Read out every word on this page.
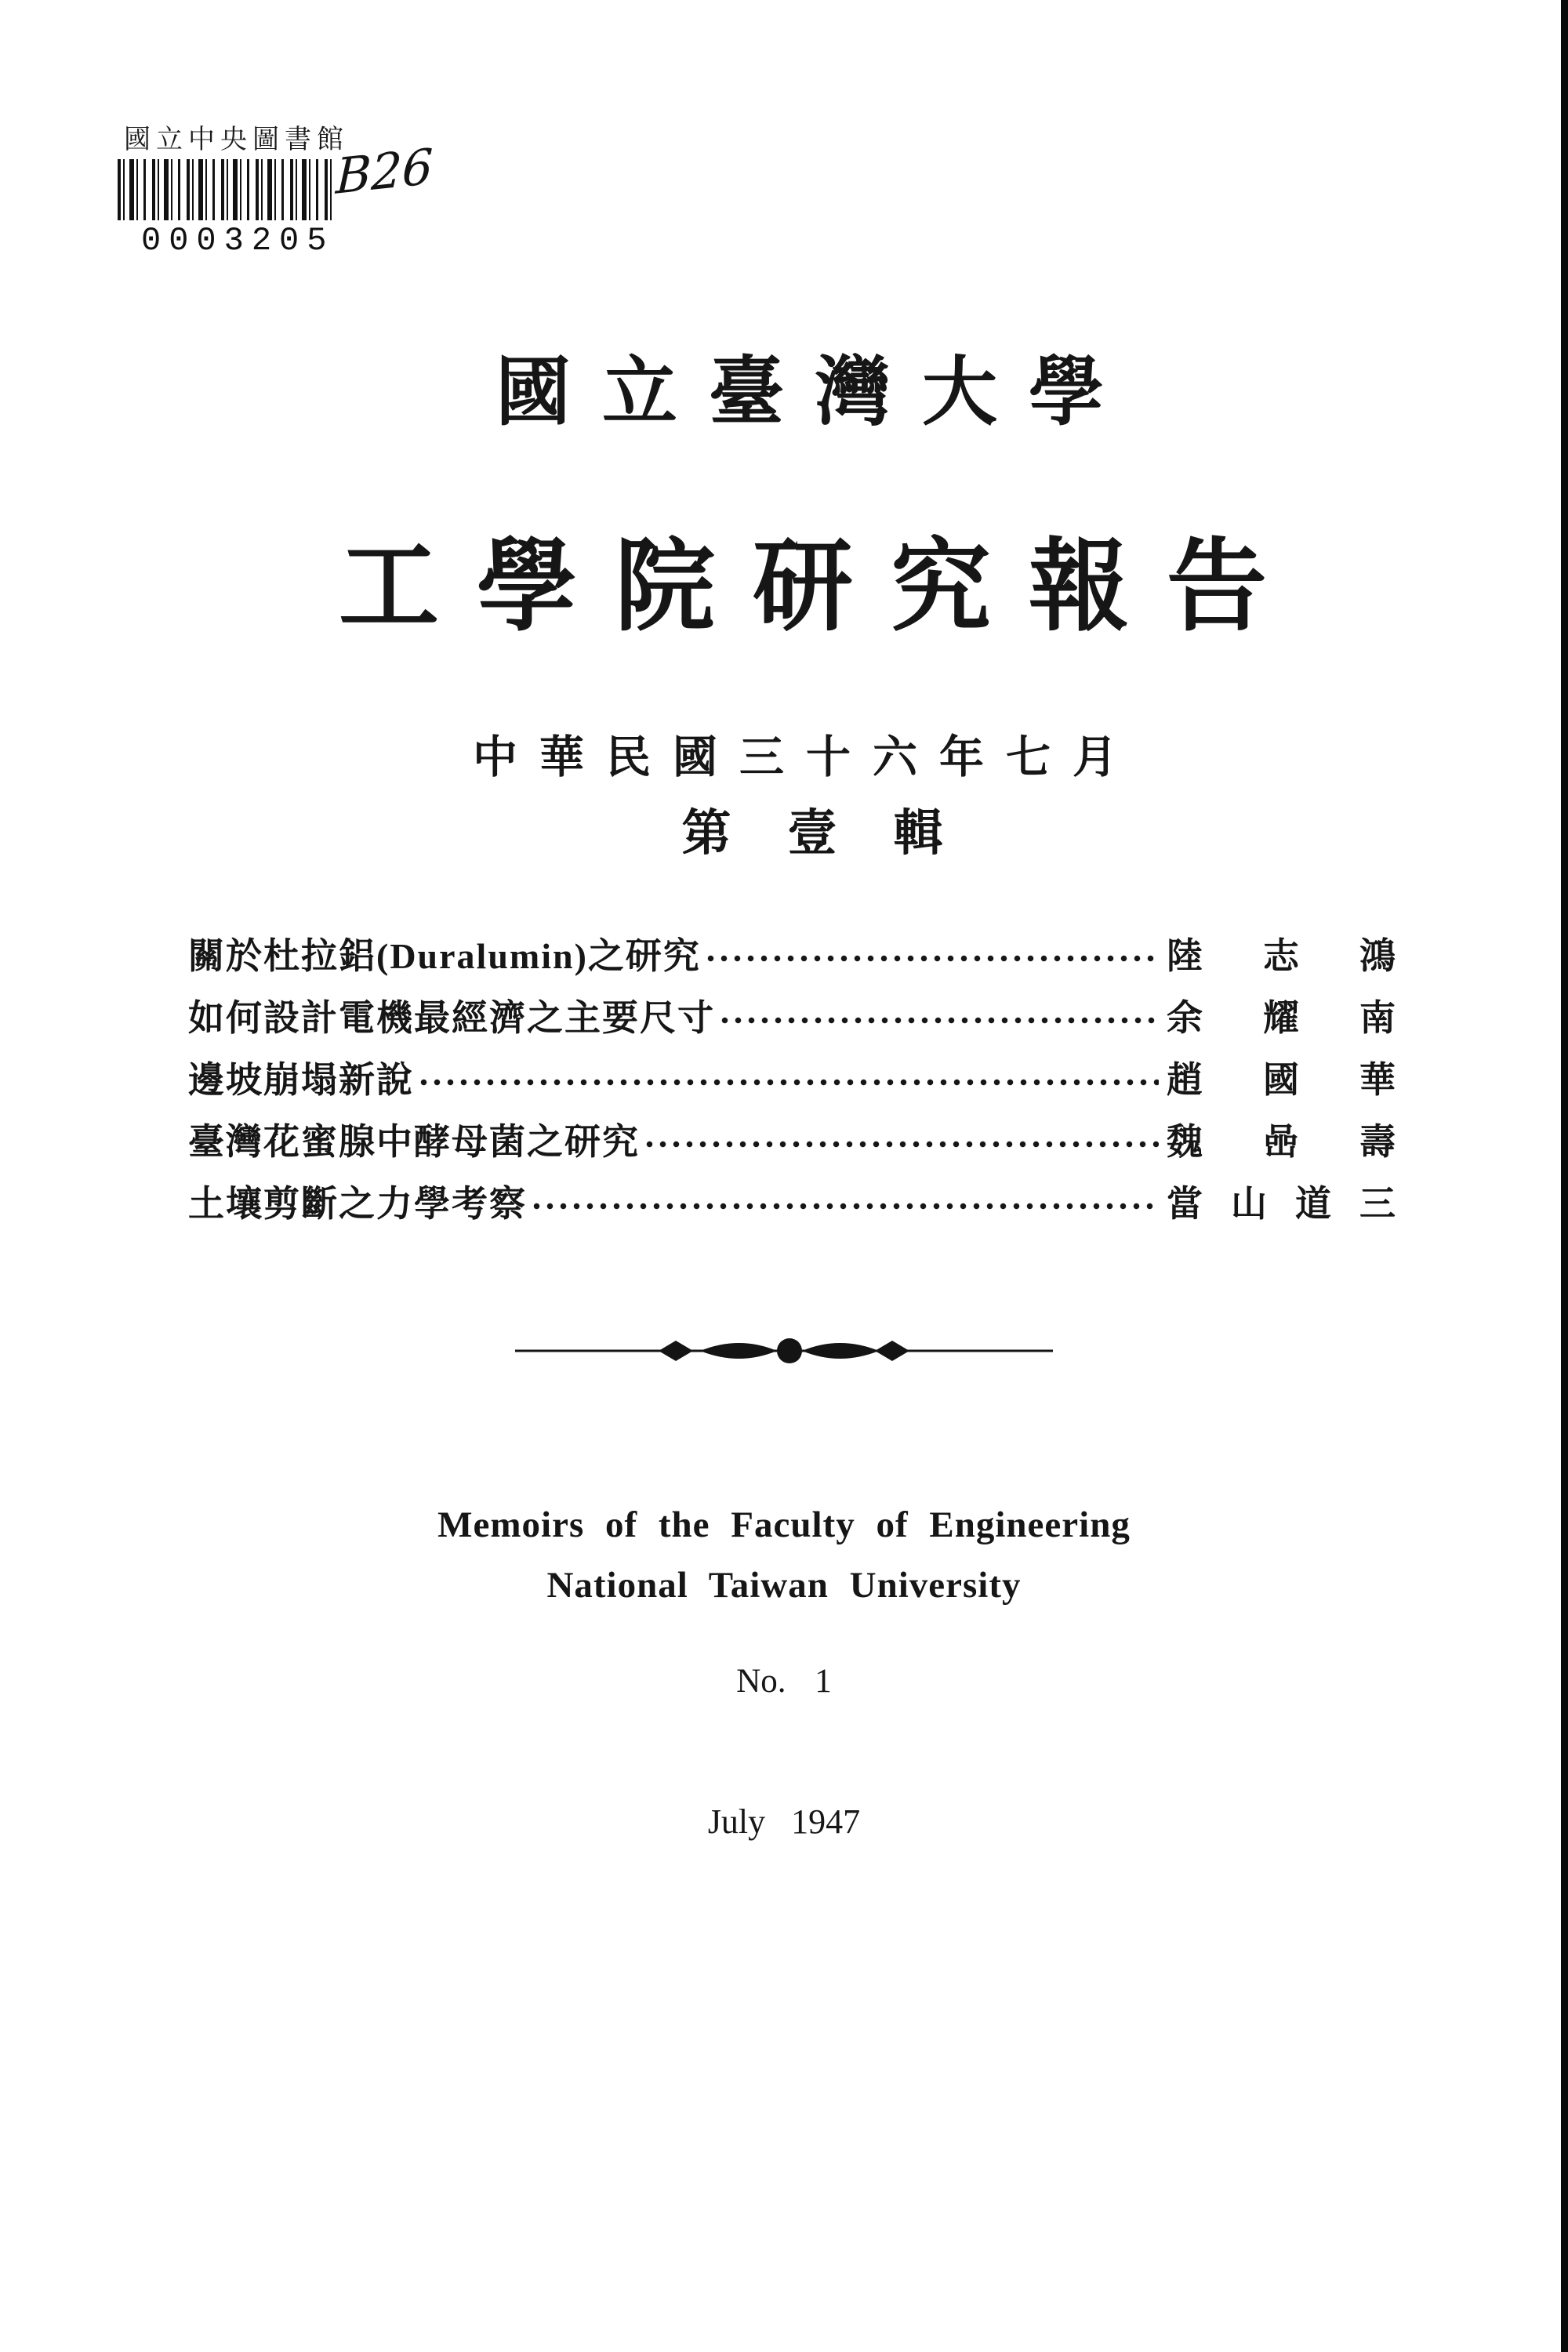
國立中央圖書館
0003205
B26
國立臺灣大學
工學院研究報告
中華民國三十六年七月
第壹輯
關於杜拉鋁(Duralumin)之研究	陸志鴻
如何設計電機最經濟之主要尺寸	余耀南
邊坡崩塌新說	趙國華
臺灣花蜜腺中酵母菌之研究	魏喦壽
土壤剪斷之力學考察	當山道三
Memoirs of the Faculty of Engineering
National Taiwan University
No. 1
July 1947
